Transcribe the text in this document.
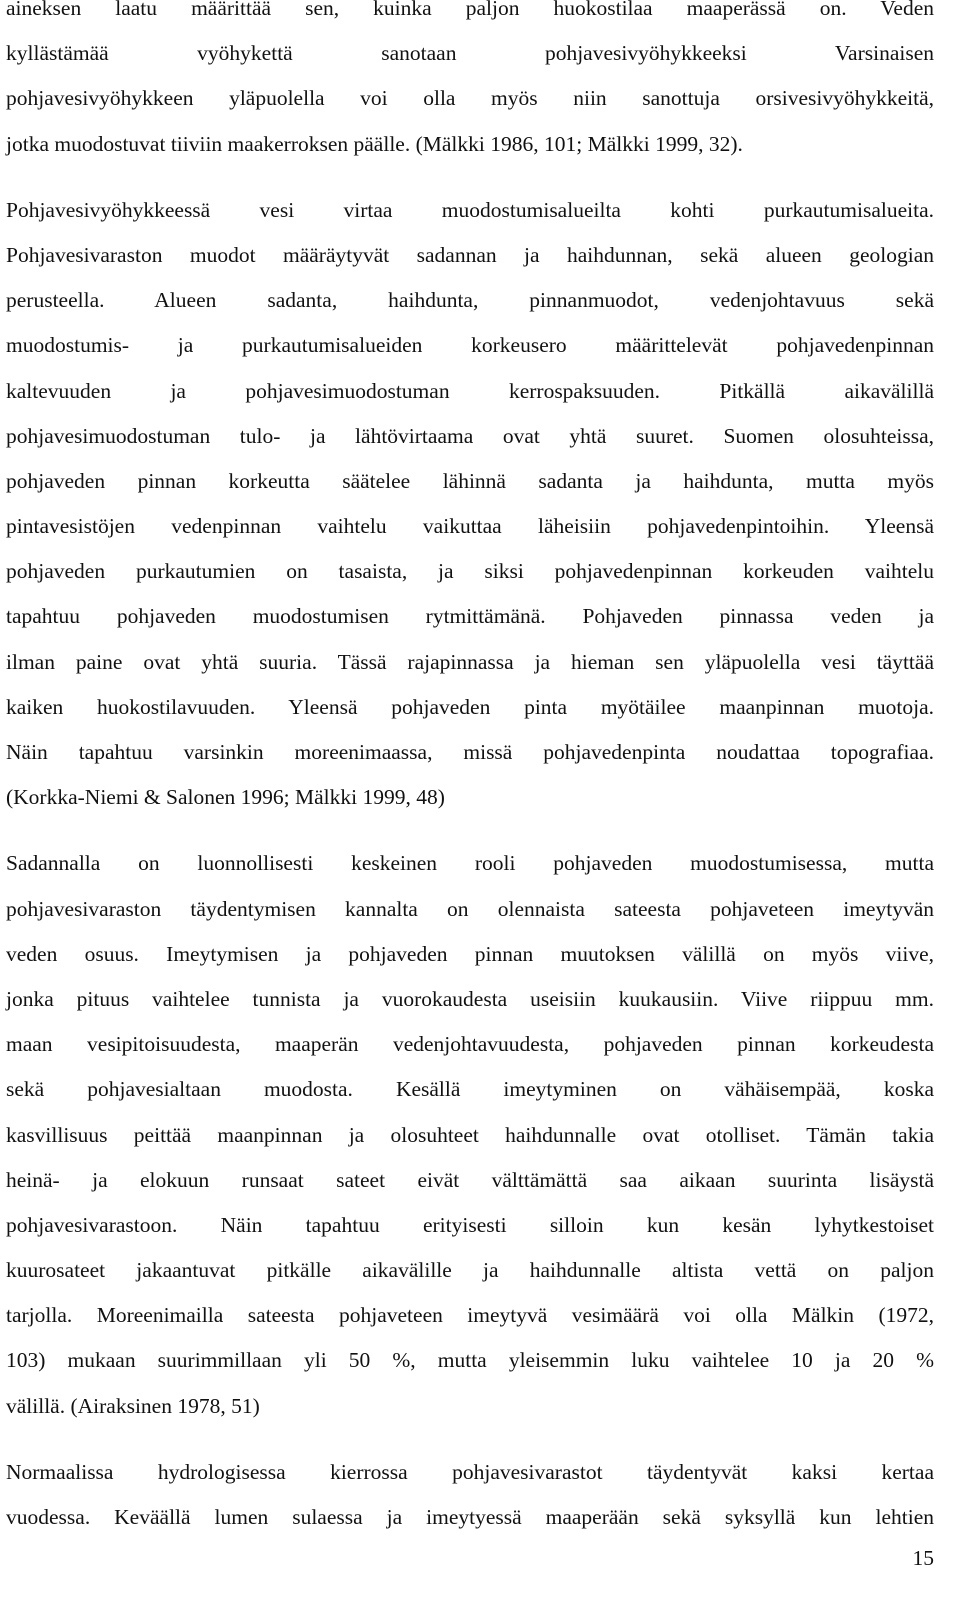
aineksen laatu määrittää sen, kuinka paljon huokostilaa maaperässä on. Veden
kyllästämää vyöhykettä sanotaan pohjavesivyöhykkeeksi Varsinaisen
pohjavesivyöhykkeen yläpuolella voi olla myös niin sanottuja orsivesivyöhykkeitä,
jotka muodostuvat tiiviin maakerroksen päälle. (Mälkki 1986, 101; Mälkki 1999, 32).
Pohjavesivyöhykkeessä vesi virtaa muodostumisalueilta kohti purkautumisalueita.
Pohjavesivaraston muodot määräytyvät sadannan ja haihdunnan, sekä alueen geologian
perusteella. Alueen sadanta, haihdunta, pinnanmuodot, vedenjohtavuus sekä
muodostumis- ja purkautumisalueiden korkeusero määrittelevät pohjavedenpinnan
kaltevuuden ja pohjavesimuodostuman kerrospaksuuden. Pitkällä aikavälillä
pohjavesimuodostuman tulo- ja lähtövirtaama ovat yhtä suuret. Suomen olosuhteissa,
pohjaveden pinnan korkeutta säätelee lähinnä sadanta ja haihdunta, mutta myös
pintavesistöjen vedenpinnan vaihtelu vaikuttaa läheisiin pohjavedenpintoihin. Yleensä
pohjaveden purkautumien on tasaista, ja siksi pohjavedenpinnan korkeuden vaihtelu
tapahtuu pohjaveden muodostumisen rytmittämänä. Pohjaveden pinnassa veden ja
ilman paine ovat yhtä suuria. Tässä rajapinnassa ja hieman sen yläpuolella vesi täyttää
kaiken huokostilavuuden. Yleensä pohjaveden pinta myötäilee maanpinnan muotoja.
Näin tapahtuu varsinkin moreenimaassa, missä pohjavedenpinta noudattaa topografiaa.
(Korkka-Niemi & Salonen 1996; Mälkki 1999, 48)
Sadannalla on luonnollisesti keskeinen rooli pohjaveden muodostumisessa, mutta
pohjavesivaraston täydentymisen kannalta on olennaista sateesta pohjaveteen imeytyvän
veden osuus. Imeytymisen ja pohjaveden pinnan muutoksen välillä on myös viive,
jonka pituus vaihtelee tunnista ja vuorokaudesta useisiin kuukausiin. Viive riippuu mm.
maan vesipitoisuudesta, maaperän vedenjohtavuudesta, pohjaveden pinnan korkeudesta
sekä pohjavesialtaan muodosta. Kesällä imeytyminen on vähäisempää, koska
kasvillisuus peittää maanpinnan ja olosuhteet haihdunnalle ovat otolliset. Tämän takia
heinä- ja elokuun runsaat sateet eivät välttämättä saa aikaan suurinta lisäystä
pohjavesivarastoon. Näin tapahtuu erityisesti silloin kun kesän lyhytkestoiset
kuurosateet jakaantuvat pitkälle aikavälille ja haihdunnalle altista vettä on paljon
tarjolla. Moreenimailla sateesta pohjaveteen imeytyvä vesimäärä voi olla Mälkin (1972,
103) mukaan suurimmillaan yli 50 %, mutta yleisemmin luku vaihtelee 10 ja 20 %
välillä. (Airaksinen 1978, 51)
Normaalissa hydrologisessa kierrossa pohjavesivarastot täydentyvät kaksi kertaa
vuodessa. Keväällä lumen sulaessa ja imeytyessä maaperään sekä syksyllä kun lehtien
15
